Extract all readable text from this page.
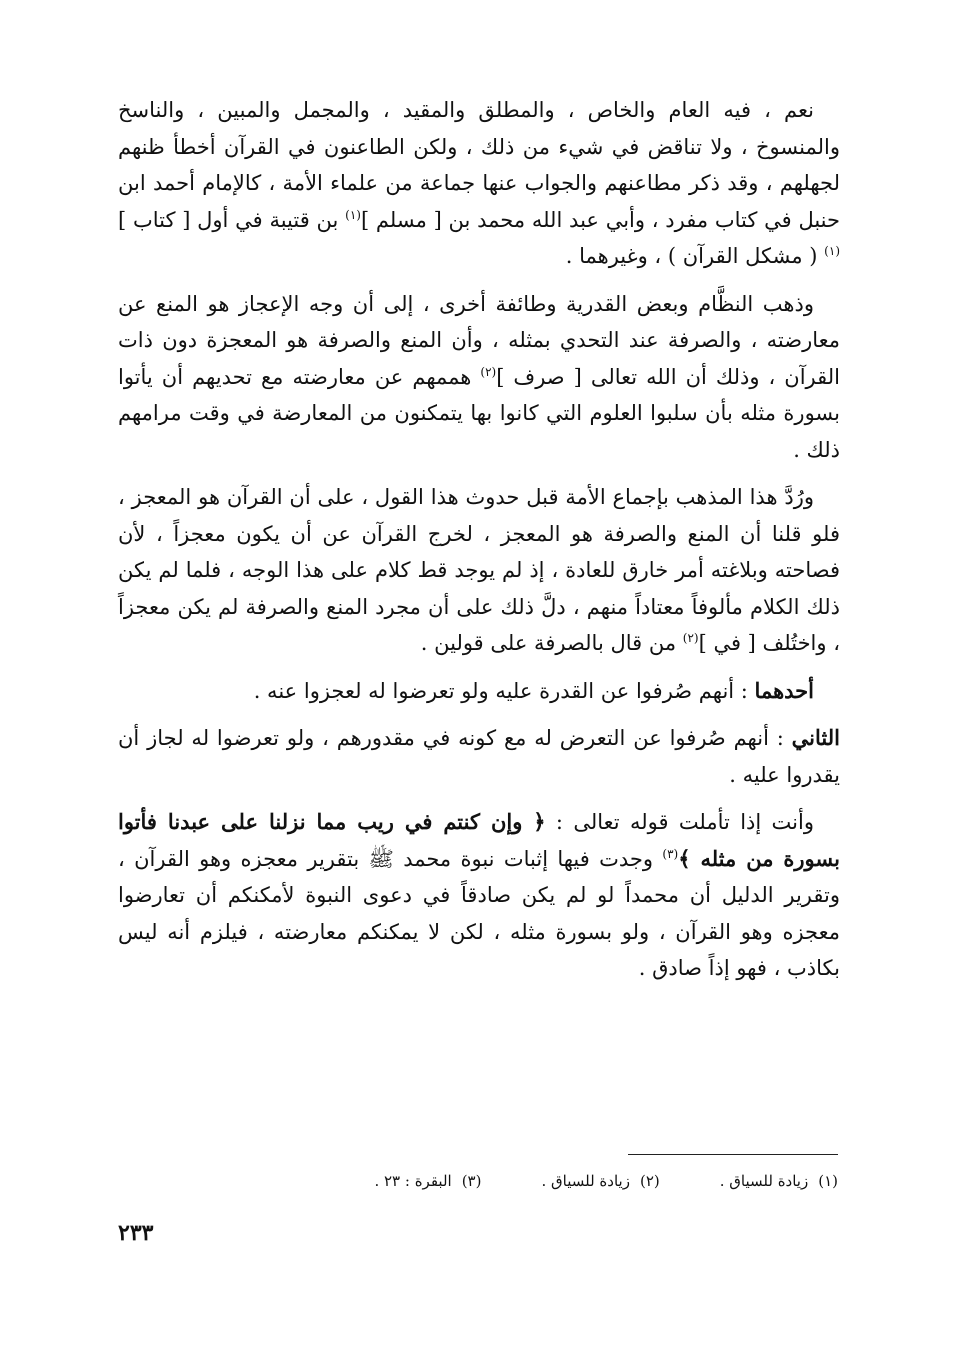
نعم ، فيه العام والخاص ، والمطلق والمقيد ، والمجمل والمبين ، والناسخ والمنسوخ ، ولا تناقض في شيء من ذلك ، ولكن الطاعنون في القرآن أخطأ ظنهم لجهلهم ، وقد ذكر مطاعنهم والجواب عنها جماعة من علماء الأمة ، كالإمام أحمد ابن حنبل في كتاب مفرد ، وأبي عبد الله محمد بن [ مسلم ]$^{(١)}$ بن قتيبة في أول [ كتاب ]$^{(١)}$ ( مشكل القرآن ) ، وغيرهما .

وذهب النظَّام وبعض القدرية وطائفة أخرى ، إلى أن وجه الإعجاز هو المنع عن معارضته ، والصرفة عند التحدي بمثله ، وأن المنع والصرفة هو المعجزة دون ذات القرآن ، وذلك أن الله تعالى [ صرف ]$^{(٢)}$ هممهم عن معارضته مع تحديهم أن يأتوا بسورة مثله بأن سلبوا العلوم التي كانوا بها يتمكنون من المعارضة في وقت مرامهم ذلك .

ورُدَّ هذا المذهب بإجماع الأمة قبل حدوث هذا القول ، على أن القرآن هو المعجز ، فلو قلنا أن المنع والصرفة هو المعجز ، لخرج القرآن عن أن يكون معجزاً ، لأن فصاحته وبلاغته أمر خارق للعادة ، إذ لم يوجد قط كلام على هذا الوجه ، فلما لم يكن ذلك الكلام مألوفاً معتاداً منهم ، دلَّ ذلك على أن مجرد المنع والصرفة لم يكن معجزاً ، واختُلف [ في ]$^{(٢)}$ من قال بالصرفة على قولين .

أحدهما : أنهم صُرفوا عن القدرة عليه ولو تعرضوا له لعجزوا عنه .

الثاني : أنهم صُرفوا عن التعرض له مع كونه في مقدورهم ، ولو تعرضوا له لجاز أن يقدروا عليه .

وأنت إذا تأملت قوله تعالى : ﴿ وإن كنتم في ريب مما نزلنا على عبدنا فأتوا بسورة من مثله ﴾$^{(٣)}$ وجدت فيها إثبات نبوة محمد ﷺ بتقرير معجزه وهو القرآن ، وتقرير الدليل أن محمداً لو لم يكن صادقاً في دعوى النبوة لأمكنكم أن تعارضوا معجزه وهو القرآن ، ولو بسورة مثله ، لكن لا يمكنكم معارضته ، فيلزم أنه ليس بكاذب ، فهو إذاً صادق .

(١)زيادة للسياق .
(٢)زيادة للسياق .
(٣)البقرة : ٢٣ .
٢٣٣
